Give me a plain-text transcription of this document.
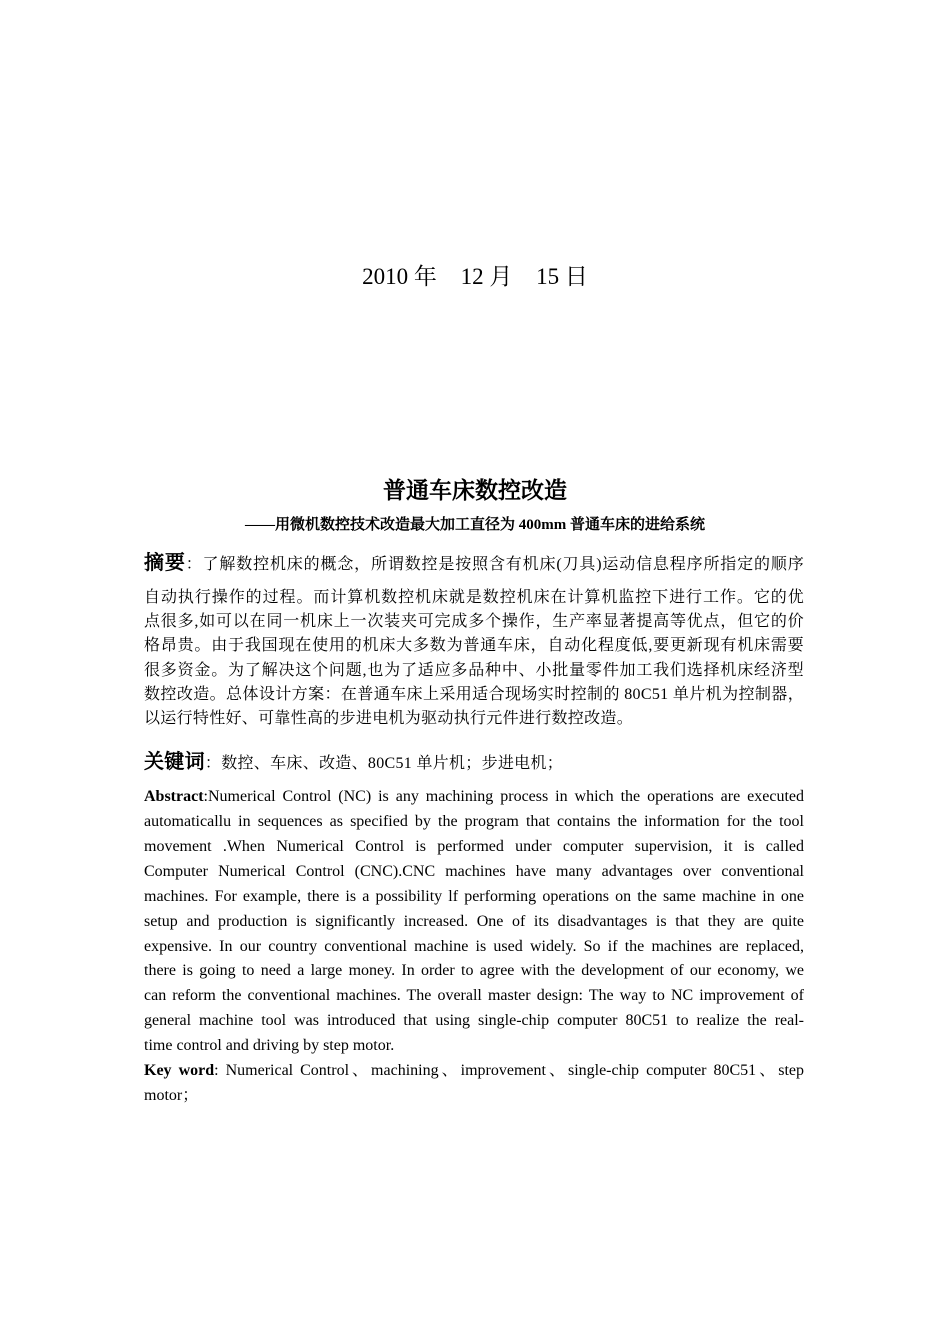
2010 年 12 月 15 日
普通车床数控改造
——用微机数控技术改造最大加工直径为 400mm 普通车床的进给系统
摘要：了解数控机床的概念，所谓数控是按照含有机床(刀具)运动信息程序所指定的顺序
自动执行操作的过程。而计算机数控机床就是数控机床在计算机监控下进行工作。它的优
点很多,如可以在同一机床上一次装夹可完成多个操作，生产率显著提高等优点，但它的价
格昂贵。由于我国现在使用的机床大多数为普通车床，自动化程度低,要更新现有机床需要
很多资金。为了解决这个问题,也为了适应多品种中、小批量零件加工我们选择机床经济型
数控改造。总体设计方案：在普通车床上采用适合现场实时控制的 80C51 单片机为控制器，
以运行特性好、可靠性高的步进电机为驱动执行元件进行数控改造。
关键词：数控、车床、改造、80C51 单片机；步进电机；
Abstract:Numerical Control (NC) is any machining process in which the operations are executed
automaticallu in sequences as specified by the program that contains the information for the tool
movement .When Numerical Control is performed under computer supervision, it is called
Computer Numerical Control (CNC).CNC machines have many advantages over conventional
machines. For example, there is a possibility lf performing operations on the same machine in one
setup and production is significantly increased. One of its disadvantages is that they are quite
expensive. In our country conventional machine is used widely. So if the machines are replaced,
there is going to need a large money. In order to agree with the development of our economy, we
can reform the conventional machines. The overall master design: The way to NC improvement of
general machine tool was introduced that using single-chip computer 80C51 to realize the real-
time control and driving by step motor.
Key word: Numerical Control、machining、improvement、single-chip computer 80C51、step
motor；
